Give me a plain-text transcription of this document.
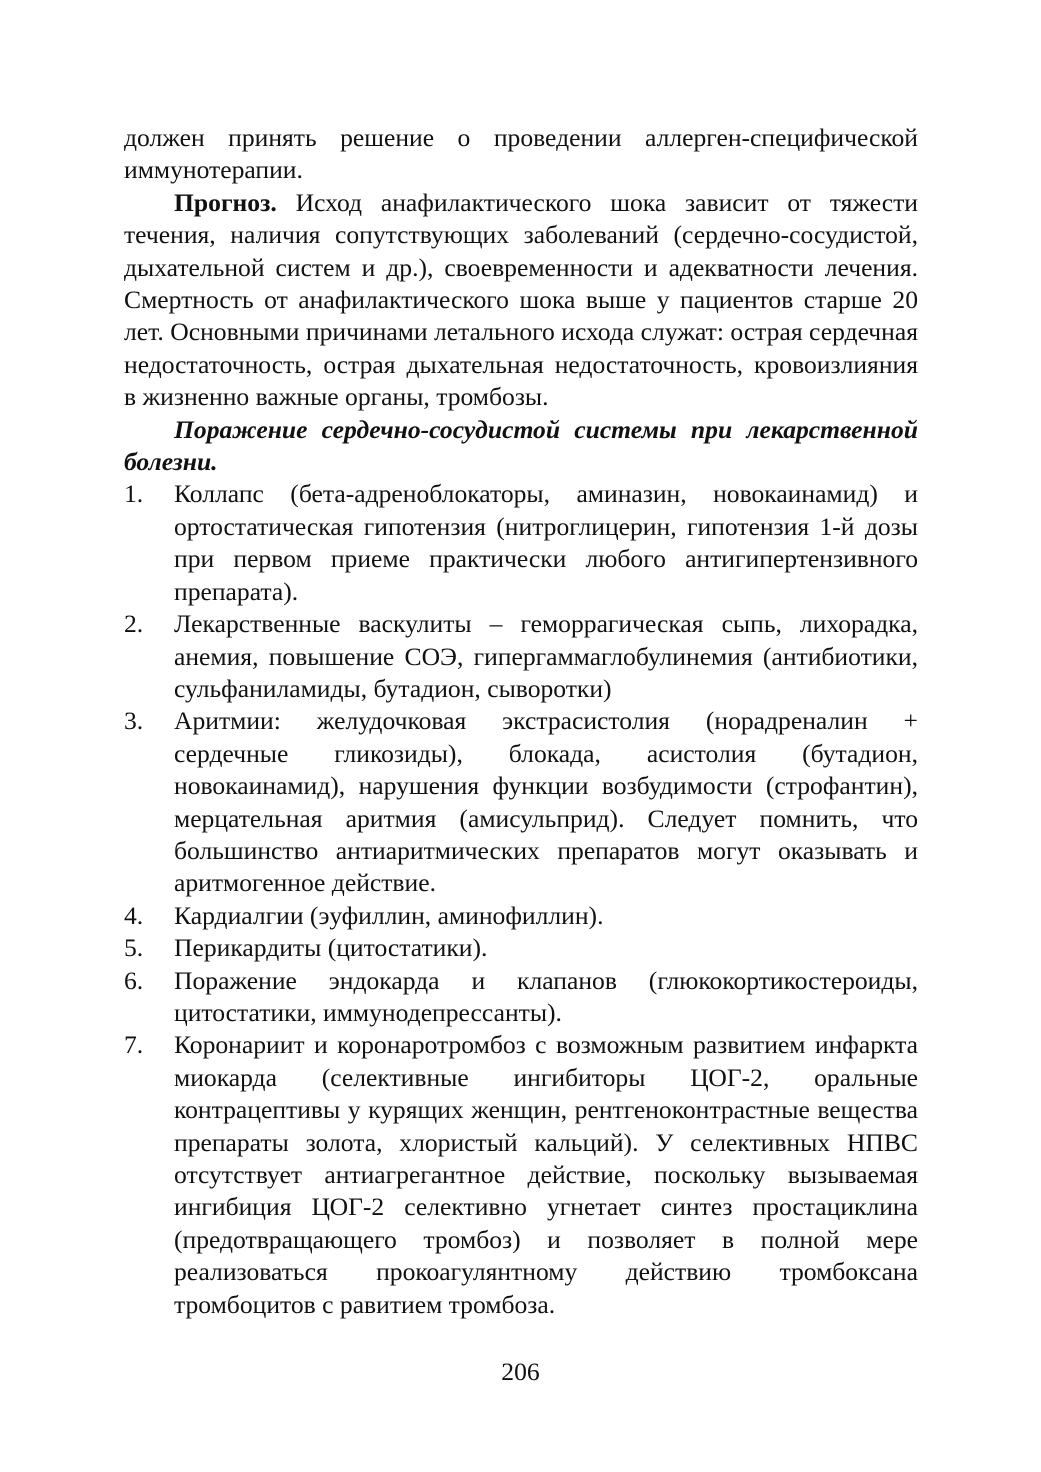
должен принять решение о проведении аллерген-специфической иммунотерапии.

Прогноз. Исход анафилактического шока зависит от тяжести течения, наличия сопутствующих заболеваний (сердечно-сосудистой, дыхательной систем и др.), своевременности и адекватности лечения. Смертность от анафилактического шока выше у пациентов старше 20 лет. Основными причинами летального исхода служат: острая сердечная недостаточность, острая дыхательная недостаточность, кровоизлияния в жизненно важные органы, тромбозы.

Поражение сердечно-сосудистой системы при лекарственной болезни.

1.	Коллапс (бета-адреноблокаторы, аминазин, новокаинамид) и ортостатическая гипотензия (нитроглицерин, гипотензия 1-й дозы при первом приеме практически любого антигипертензивного препарата).
2.	Лекарственные васкулиты – геморрагическая сыпь, лихорадка, анемия, повышение СОЭ, гипергаммаглобулинемия (антибиотики, сульфаниламиды, бутадион, сыворотки)
3.	Аритмии: желудочковая экстрасистолия (норадреналин + сердечные гликозиды), блокада, асистолия (бутадион, новокаинамид), нарушения функции возбудимости (строфантин), мерцательная аритмия (амисульприд). Следует помнить, что большинство антиаритмических препаратов могут оказывать и аритмогенное действие.
4.	Кардиалгии (эуфиллин, аминофиллин).
5.	Перикардиты (цитостатики).
6.	Поражение эндокарда и клапанов (глюкокортикостероиды, цитостатики, иммунодепрессанты).
7.	Коронариит и коронаротромбоз с возможным развитием инфаркта миокарда (селективные ингибиторы ЦОГ-2, оральные контрацептивы у курящих женщин, рентгеноконтрастные вещества препараты золота, хлористый кальций). У селективных НПВС отсутствует антиагрегантное действие, поскольку вызываемая ингибиция ЦОГ-2 селективно угнетает синтез простациклина (предотвращающего тромбоз) и позволяет в полной мере реализоваться прокоагулянтному действию тромбоксана тромбоцитов с равитием тромбоза.
206
